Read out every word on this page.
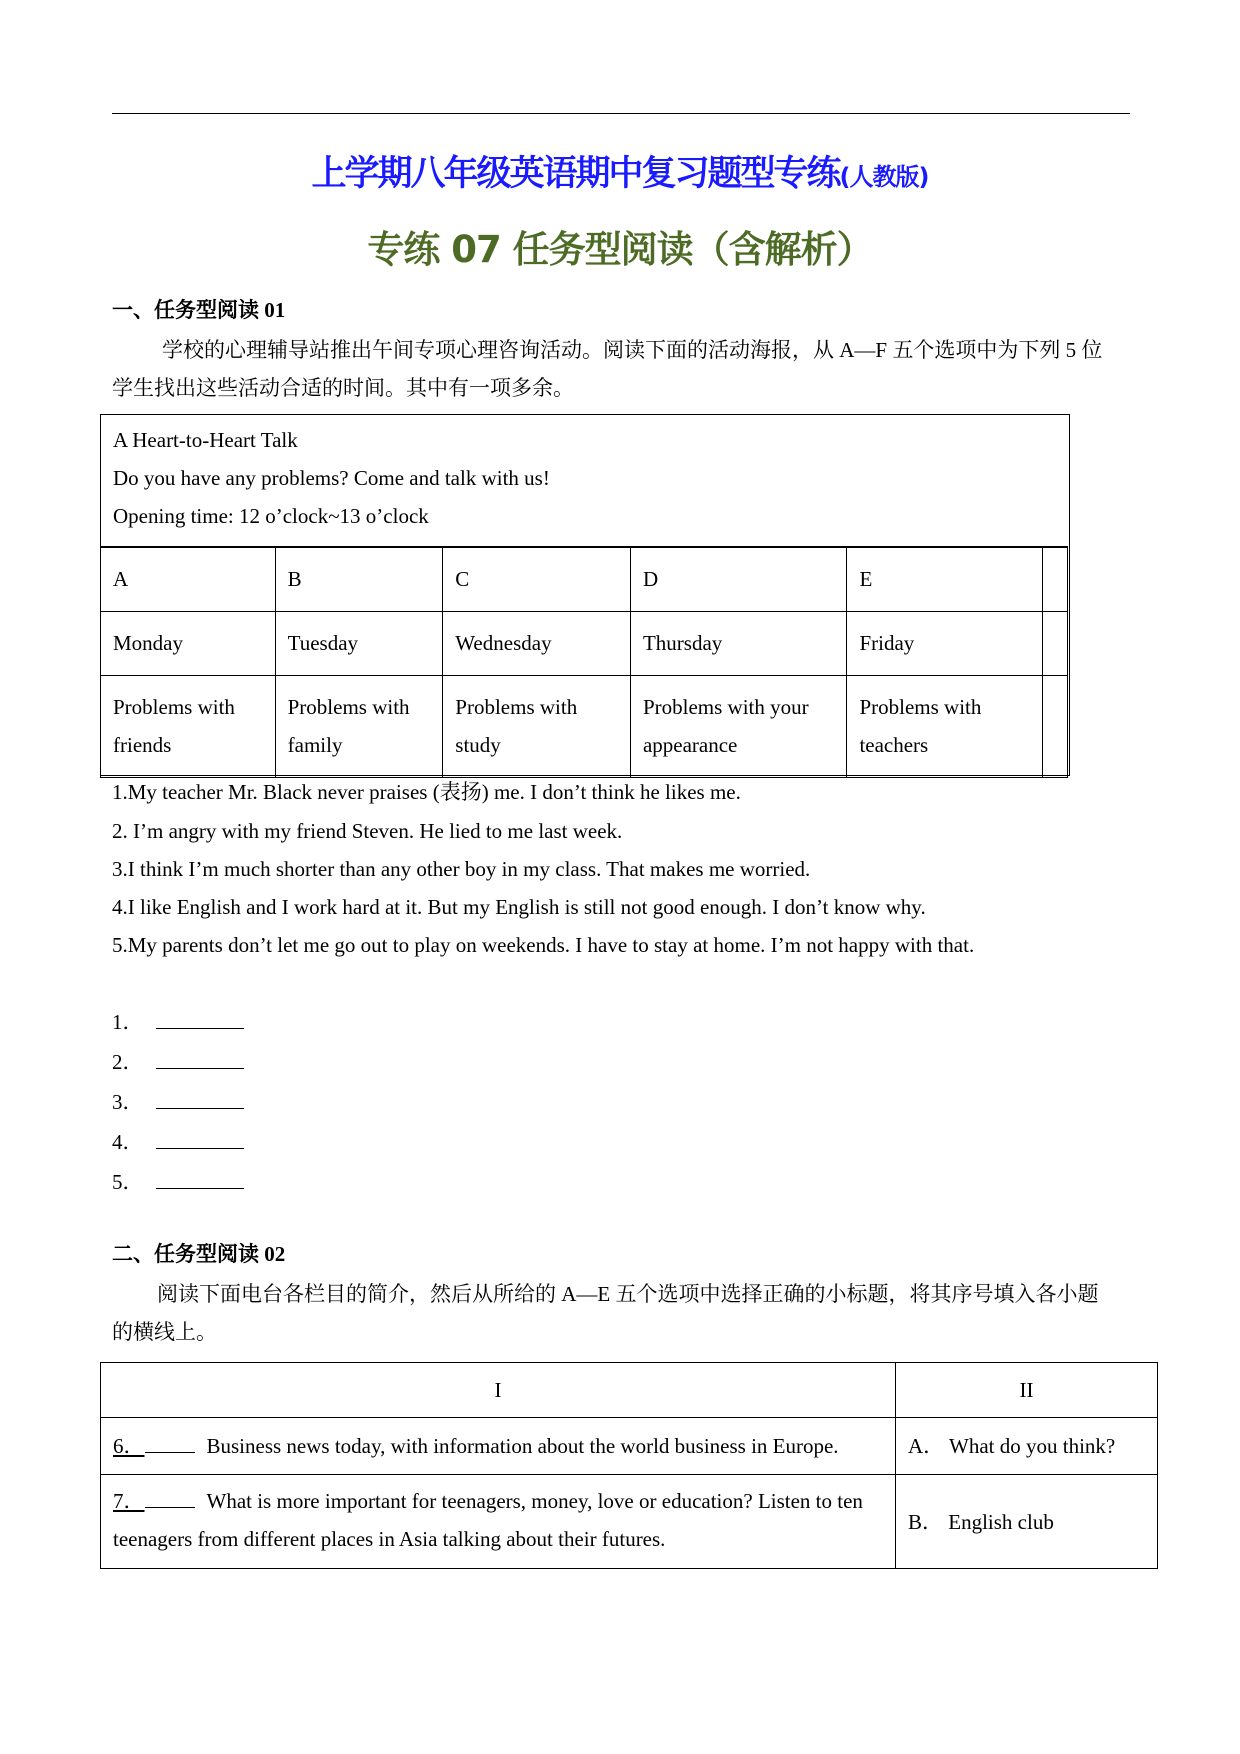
上学期八年级英语期中复习题型专练(人教版)
专练 07 任务型阅读（含解析）
一、任务型阅读 01
学校的心理辅导站推出午间专项心理咨询活动。阅读下面的活动海报，从 A—F 五个选项中为下列 5 位学生找出这些活动合适的时间。其中有一项多余。
A Heart-to-Heart Talk
Do you have any problems? Come and talk with us!
Opening time: 12 o’clock~13 o’clock
A	B	C	D	E	
Monday	Tuesday	Wednesday	Thursday	Friday	
Problems with friends	Problems with family	Problems with study	Problems with your appearance	Problems with teachers	
1.My teacher Mr. Black never praises (表扬) me. I don’t think he likes me.
2. I’m angry with my friend Steven. He lied to me last week.
3.I think I’m much shorter than any other boy in my class. That makes me worried.
4.I like English and I work hard at it. But my English is still not good enough. I don’t know why.
5.My parents don’t let me go out to play on weekends. I have to stay at home. I’m not happy with that.
1．
2．
3．
4．
5．
二、任务型阅读 02
阅读下面电台各栏目的简介，然后从所给的 A—E 五个选项中选择正确的小标题，将其序号填入各小题的横线上。
I	II
6． Business news today, with information about the world business in Europe.	A． What do you think?
7． What is more important for teenagers, money, love or education? Listen to ten teenagers from different places in Asia talking about their futures.	B． English club
